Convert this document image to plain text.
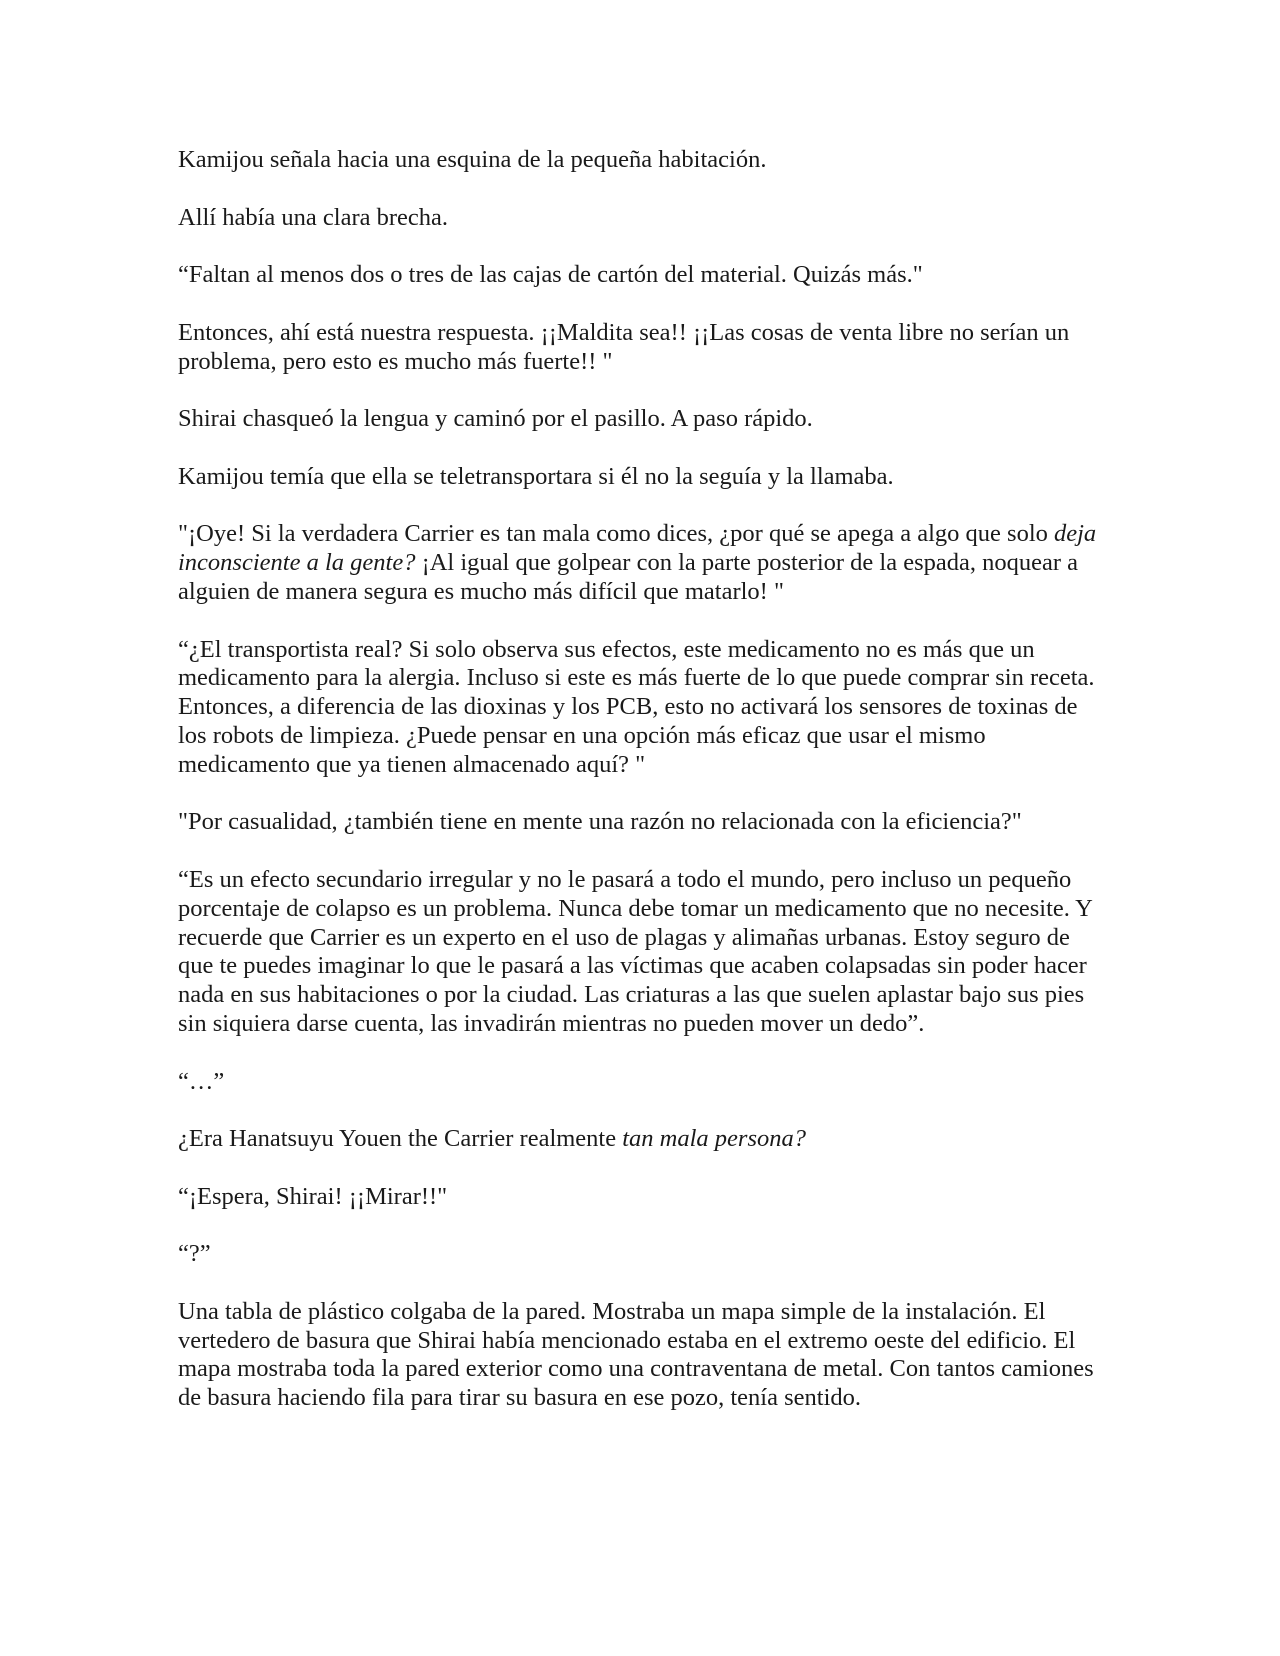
Kamijou señala hacia una esquina de la pequeña habitación.

Allí había una clara brecha.

“Faltan al menos dos o tres de las cajas de cartón del material. Quizás más."

Entonces, ahí está nuestra respuesta. ¡¡Maldita sea!! ¡¡Las cosas de venta libre no serían un problema, pero esto es mucho más fuerte!! "

Shirai chasqueó la lengua y caminó por el pasillo. A paso rápido.

Kamijou temía que ella se teletransportara si él no la seguía y la llamaba.

"¡Oye! Si la verdadera Carrier es tan mala como dices, ¿por qué se apega a algo que solo deja inconsciente a la gente? ¡Al igual que golpear con la parte posterior de la espada, noquear a alguien de manera segura es mucho más difícil que matarlo! "

“¿El transportista real? Si solo observa sus efectos, este medicamento no es más que un medicamento para la alergia. Incluso si este es más fuerte de lo que puede comprar sin receta. Entonces, a diferencia de las dioxinas y los PCB, esto no activará los sensores de toxinas de los robots de limpieza. ¿Puede pensar en una opción más eficaz que usar el mismo medicamento que ya tienen almacenado aquí? "

"Por casualidad, ¿también tiene en mente una razón no relacionada con la eficiencia?"

“Es un efecto secundario irregular y no le pasará a todo el mundo, pero incluso un pequeño porcentaje de colapso es un problema. Nunca debe tomar un medicamento que no necesite. Y recuerde que Carrier es un experto en el uso de plagas y alimañas urbanas. Estoy seguro de que te puedes imaginar lo que le pasará a las víctimas que acaben colapsadas sin poder hacer nada en sus habitaciones o por la ciudad. Las criaturas a las que suelen aplastar bajo sus pies sin siquiera darse cuenta, las invadirán mientras no pueden mover un dedo”.

“…”

¿Era Hanatsuyu Youen the Carrier realmente tan mala persona?

“¡Espera, Shirai! ¡¡Mirar!!"

“?”

Una tabla de plástico colgaba de la pared. Mostraba un mapa simple de la instalación. El vertedero de basura que Shirai había mencionado estaba en el extremo oeste del edificio. El mapa mostraba toda la pared exterior como una contraventana de metal. Con tantos camiones de basura haciendo fila para tirar su basura en ese pozo, tenía sentido.
